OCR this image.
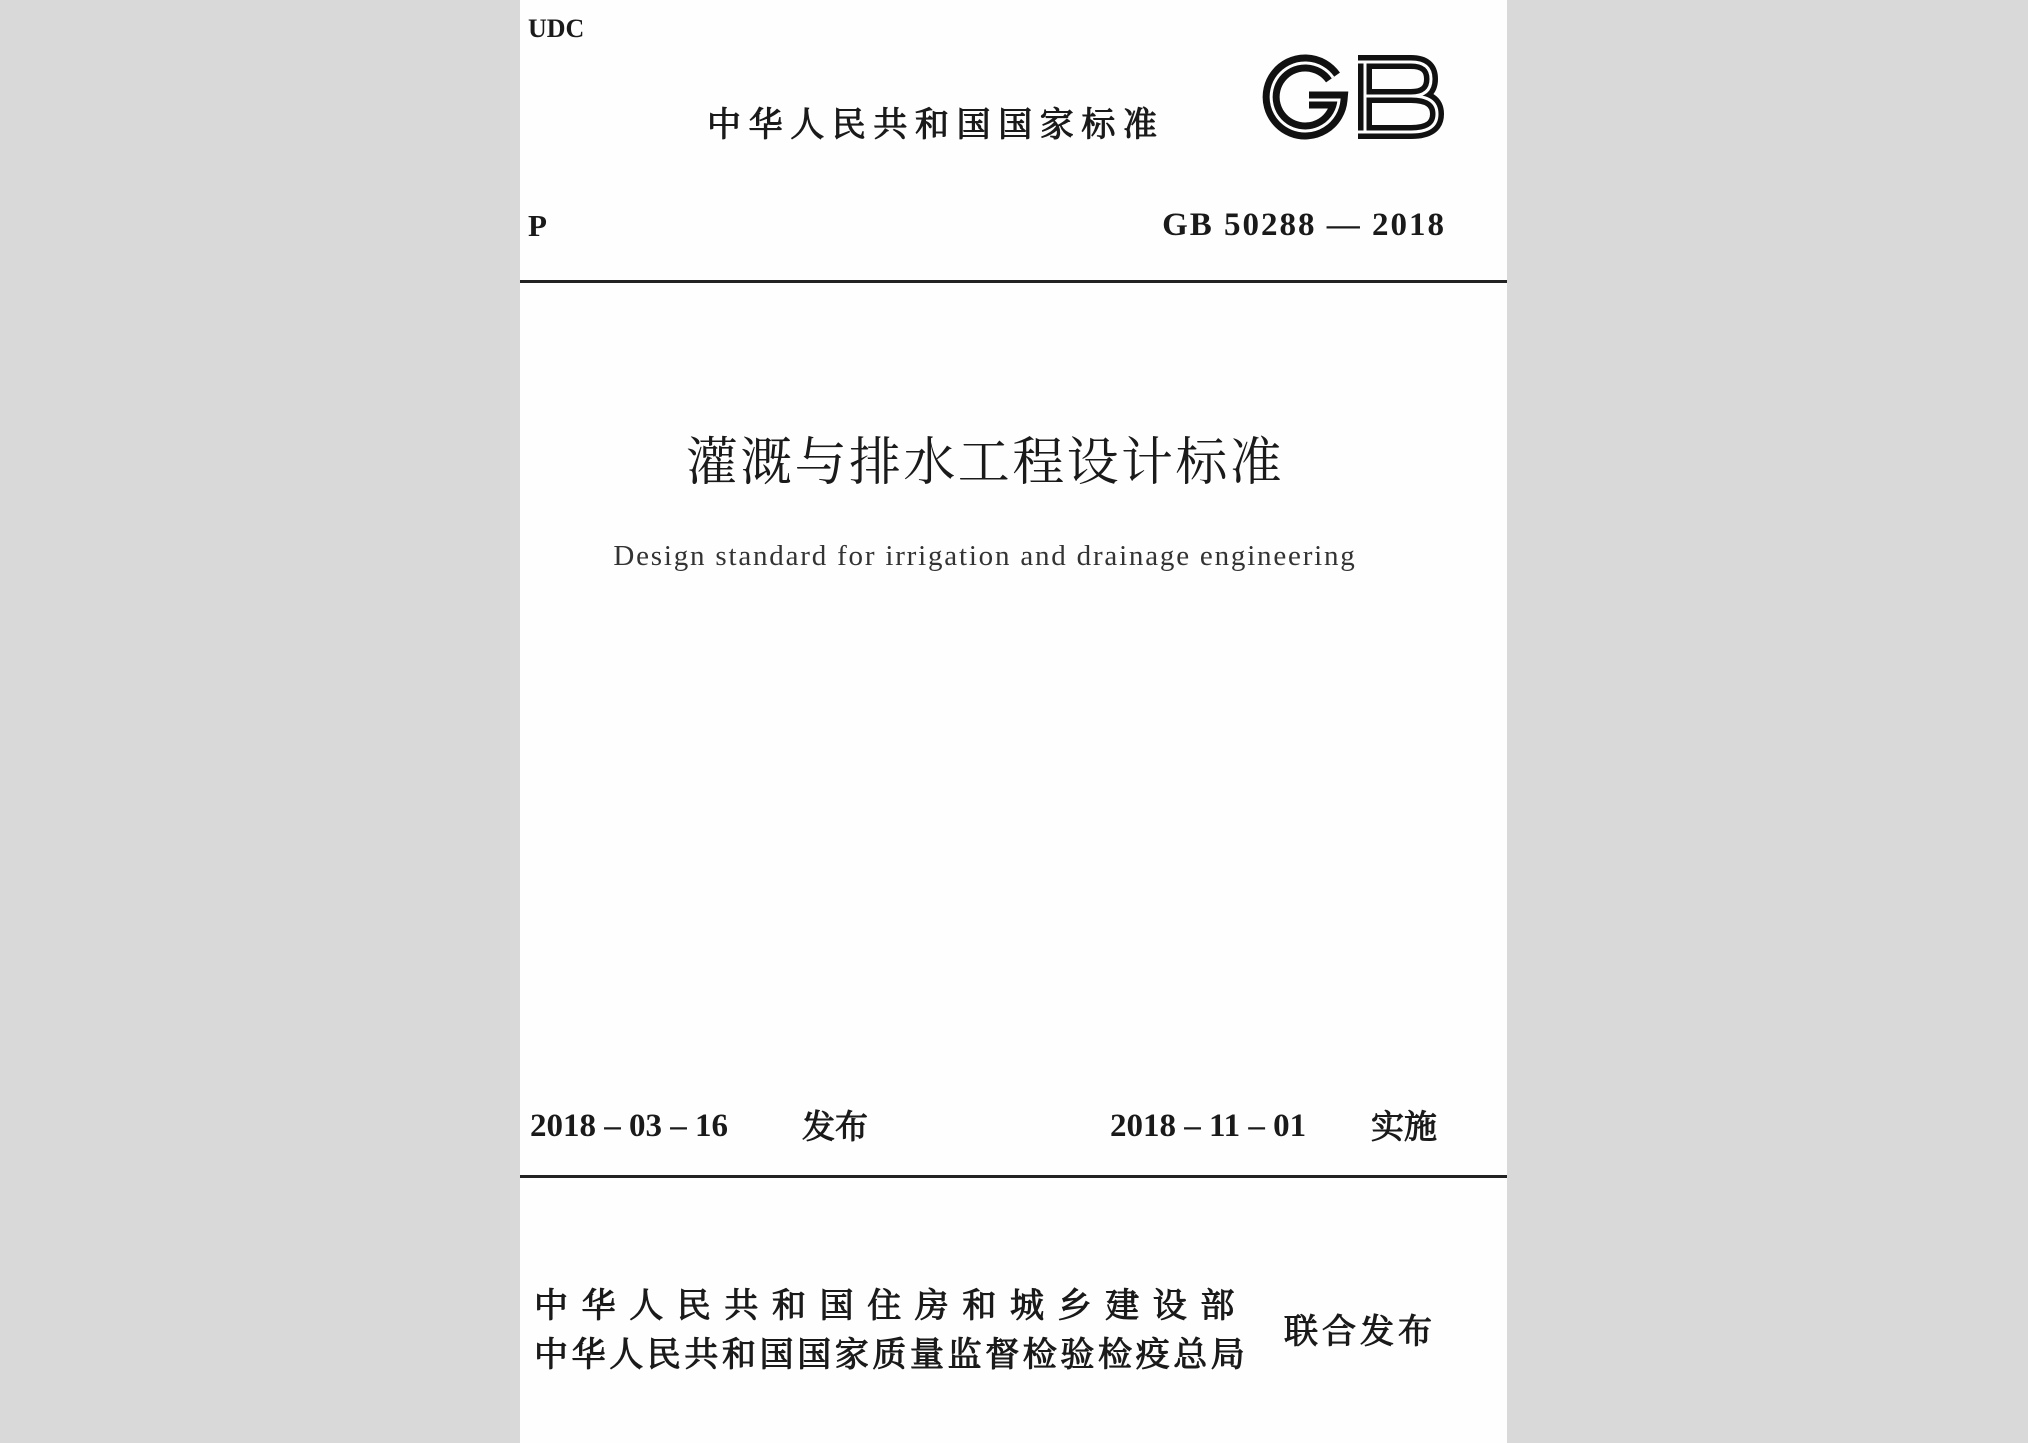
UDC
中华人民共和国国家标准
P	GB 50288 — 2018
灌溉与排水工程设计标准
Design standard for irrigation and drainage engineering
2018 – 03 – 16 发布	2018 – 11 – 01 实施
中华人民共和国住房和城乡建设部
中华人民共和国国家质量监督检验检疫总局
联合发布
